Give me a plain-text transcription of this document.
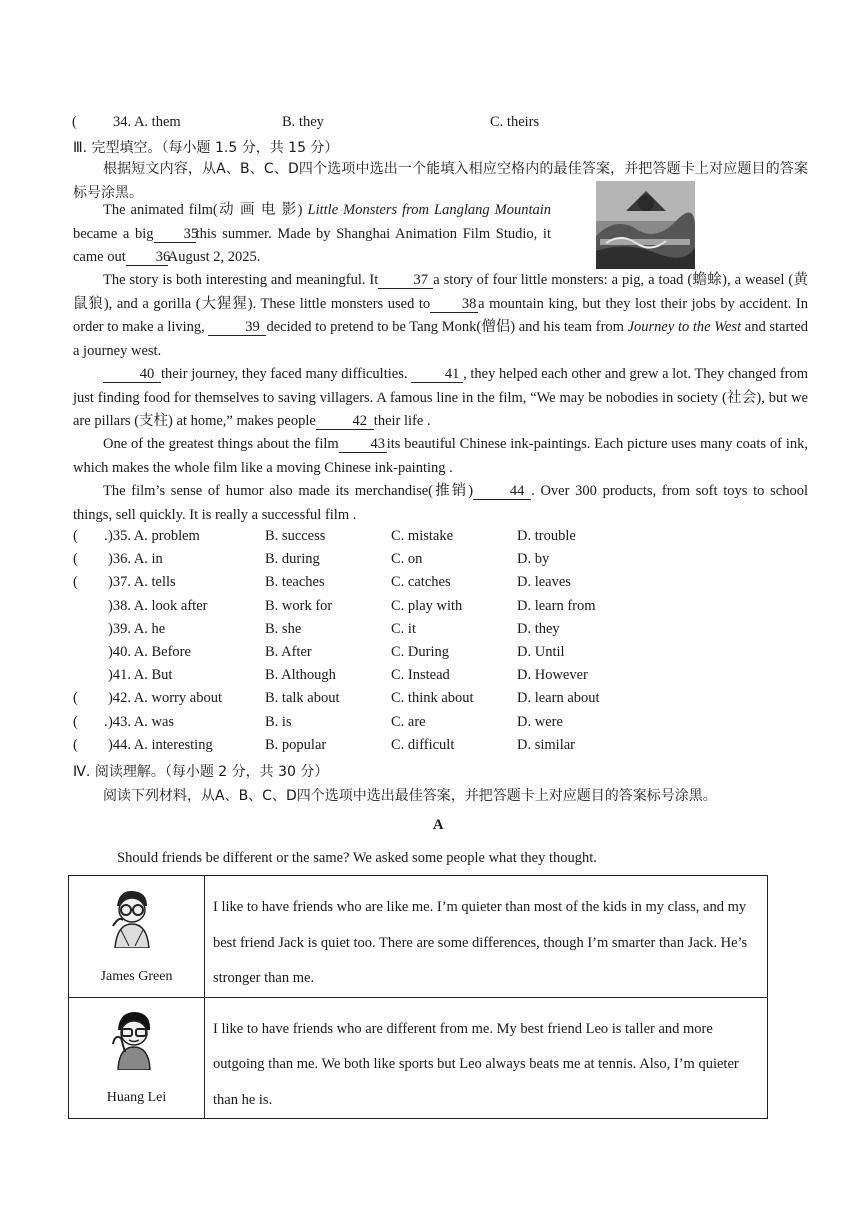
( 34. A. them	B. they	C. theirs
Ⅲ. 完型填空。（每小题 1.5 分，共 15 分）
根据短文内容，从A、B、C、D四个选项中选出一个能填入相应空格内的最佳答案，并把答题卡上对应题目的答案标号涂黑。
The animated film(动 画 电 影) Little Monsters from Langlang Mountain became a big 35this summer. Made by Shanghai Animation Film Studio, it came out 36August 2, 2025.
The story is both interesting and meaningful. It 37 a story of four little monsters: a pig, a toad (蟾蜍), a weasel (黄鼠狼), and a gorilla (大猩猩). These little monsters used to 38 a mountain king, but they lost their jobs by accident. In order to make a living,	39 decided to pretend to be Tang Monk(僧侣) and his team from Journey to the West and started a journey west.
40 their journey, they faced many difficulties.	41 , they helped each other and grew a lot. They changed from just finding food for themselves to saving villagers. A famous line in the film, “We may be nobodies in society (社会), but we are pillars (支柱) at home,” makes people	42 their life .
One of the greatest things about the film 43 its beautiful Chinese ink-paintings. Each picture uses many coats of ink, which makes the whole film like a moving Chinese ink-painting .
The film’s sense of humor also made its merchandise(推销)	44 . Over 300 products, from soft toys to school things, sell quickly. It is really a successful film .
( . )35. A. problem	B. success	C. mistake	D. trouble
( )36. A. in	B. during	C. on	D. by
( )37. A. tells	B. teaches	C. catches	D. leaves
)38. A. look after	B. work for	C. play with	D. learn from
)39. A. he	B. she	C. it	D. they
)40. A. Before	B. After	C. During	D. Until
)41. A. But	B. Although	C. Instead	D. However
( )42. A. worry about	B. talk about	C. think about	D. learn about
( . )43. A. was	B. is	C. are	D. were
( )44. A. interesting	B. popular	C. difficult	D. similar
Ⅳ. 阅读理解。（每小题 2 分，共 30 分）
阅读下列材料，从A、B、C、D四个选项中选出最佳答案，并把答题卡上对应题目的答案标号涂黑。
A
Should friends be different or the same? We asked some people what they thought.
James Green	I like to have friends who are like me. I’m quieter than most of the kids in my class, and my best friend Jack is quiet too. There are some differences, though I’m smarter than Jack. He’s stronger than me.

Huang Lei	I like to have friends who are different from me. My best friend Leo is taller and more outgoing than me. We both like sports but Leo always beats me at tennis. Also, I’m quieter than he is.
